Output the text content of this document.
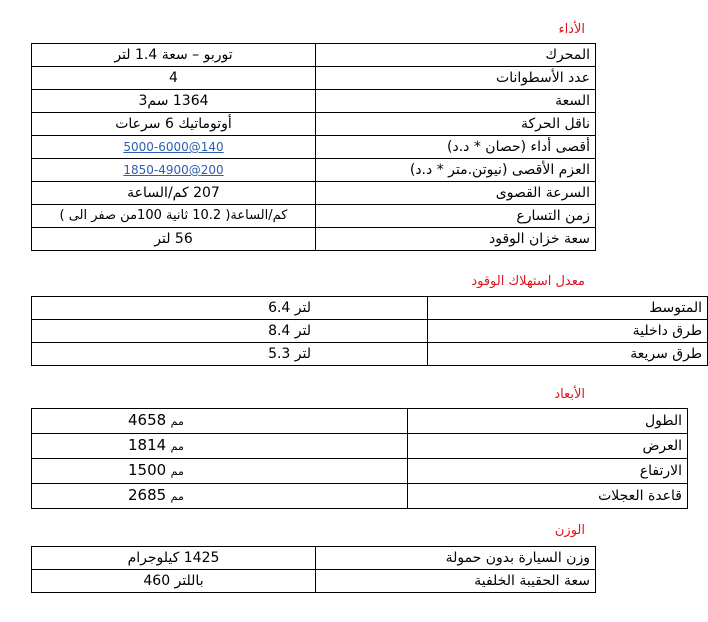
الأداء
المحرك	توربو – سعة 1.4 لتر
عدد الأسطوانات	4
السعة	1364 سم3
ناقل الحركة	أوتوماتيك 6 سرعات
أقصى أداء (حصان * د.د)	140@5000-6000
العزم الأقصى (نيوتن.متر * د.د)	200@1850-4900
السرعة القصوى	207 كم/الساعة
زمن التسارع	كم/الساعة( 10.2 ثانية 100من صفر الى )
سعة خزان الوقود	56 لتر
معدل استهلاك الوقود
المتوسط	لتر 6.4
طرق داخلية	لتر 8.4
طرق سريعة	لتر 5.3
الأبعاد
الطول	مم 4658
العرض	مم 1814
الارتفاع	مم 1500
قاعدة العجلات	مم 2685
الوزن
وزن السيارة بدون حمولة	1425 كيلوجرام
سعة الحقيبة الخلفية	باللتر 460
